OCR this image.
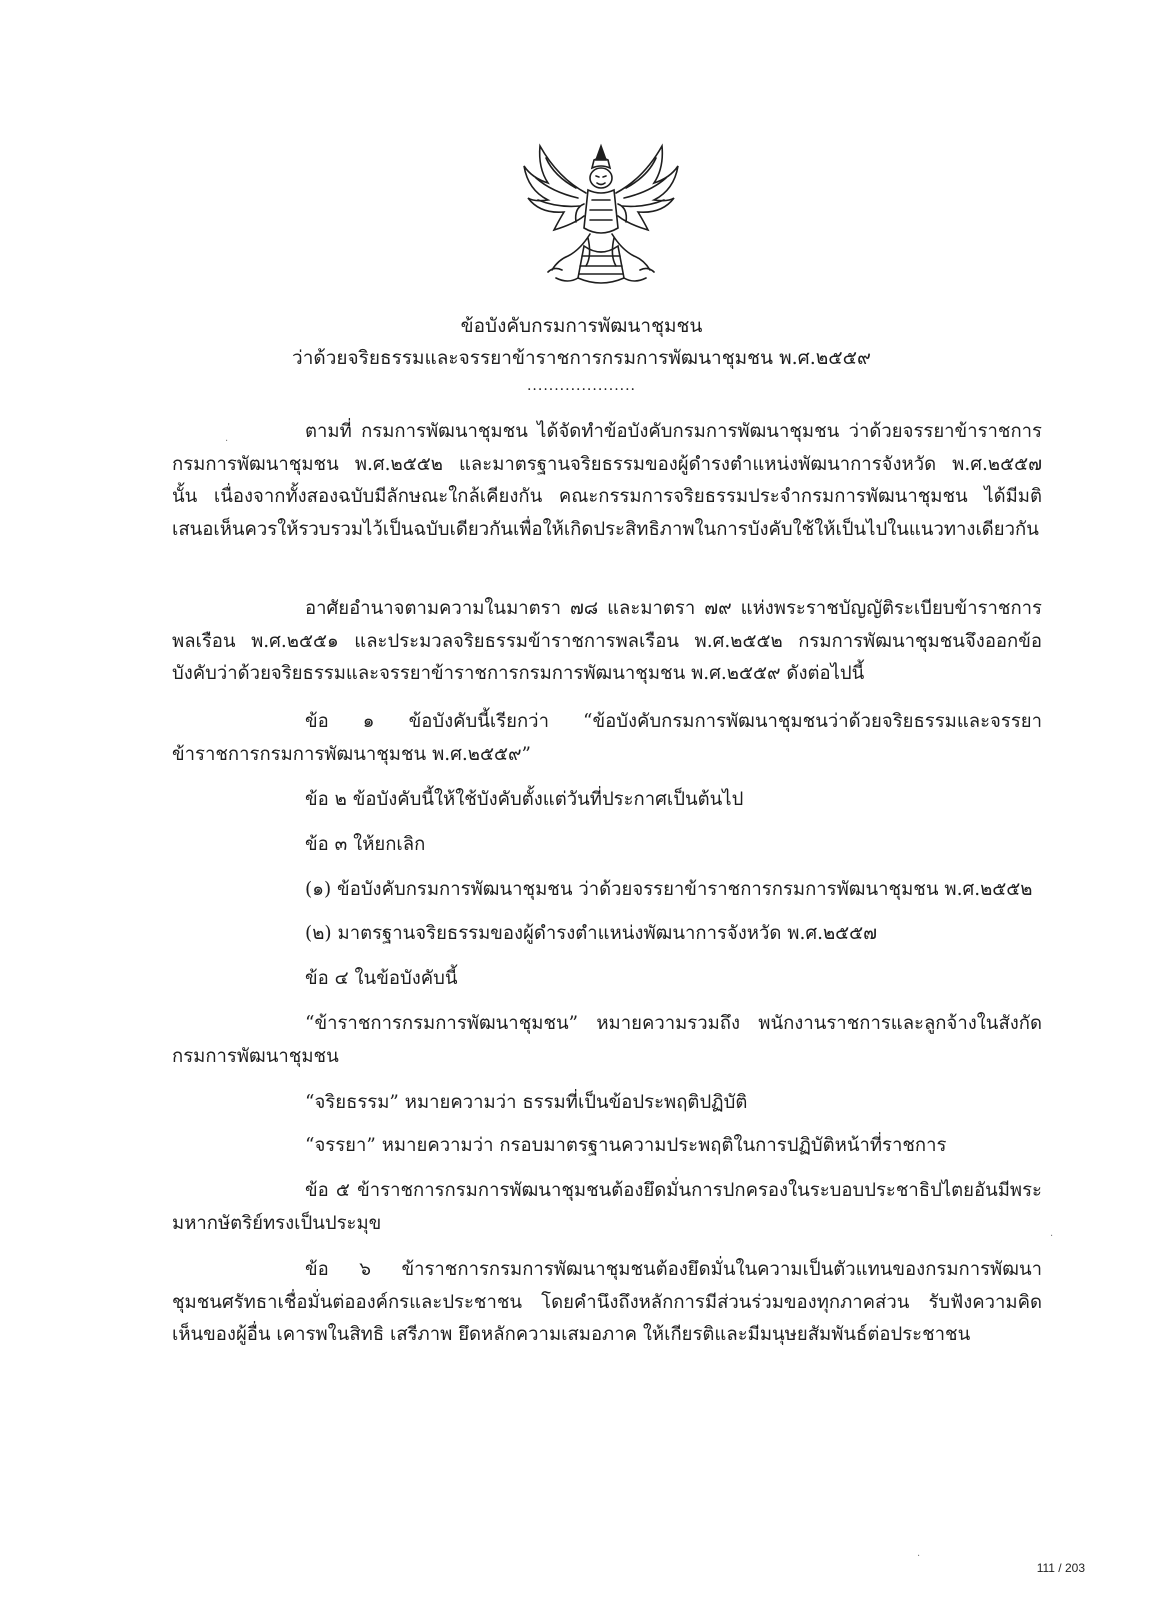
ข้อบังคับกรมการพัฒนาชุมชน
ว่าด้วยจริยธรรมและจรรยาข้าราชการกรมการพัฒนาชุมชน พ.ศ.๒๕๕๙
....................

ตามที่ กรมการพัฒนาชุมชน ได้จัดทำข้อบังคับกรมการพัฒนาชุมชน ว่าด้วยจรรยาข้าราชการกรมการพัฒนาชุมชน พ.ศ.๒๕๕๒ และมาตรฐานจริยธรรมของผู้ดำรงตำแหน่งพัฒนาการจังหวัด พ.ศ.๒๕๕๗ นั้น เนื่องจากทั้งสองฉบับมีลักษณะใกล้เคียงกัน คณะกรรมการจริยธรรมประจำกรมการพัฒนาชุมชน ได้มีมติเสนอเห็นควรให้รวบรวมไว้เป็นฉบับเดียวกันเพื่อให้เกิดประสิทธิภาพในการบังคับใช้ให้เป็นไปในแนวทางเดียวกัน

อาศัยอำนาจตามความในมาตรา ๗๘ และมาตรา ๗๙ แห่งพระราชบัญญัติระเบียบข้าราชการพลเรือน พ.ศ.๒๕๕๑ และประมวลจริยธรรมข้าราชการพลเรือน พ.ศ.๒๕๕๒ กรมการพัฒนาชุมชนจึงออกข้อบังคับว่าด้วยจริยธรรมและจรรยาข้าราชการกรมการพัฒนาชุมชน พ.ศ.๒๕๕๙ ดังต่อไปนี้

ข้อ ๑ ข้อบังคับนี้เรียกว่า “ข้อบังคับกรมการพัฒนาชุมชนว่าด้วยจริยธรรมและจรรยาข้าราชการกรมการพัฒนาชุมชน พ.ศ.๒๕๕๙”

ข้อ ๒ ข้อบังคับนี้ให้ใช้บังคับตั้งแต่วันที่ประกาศเป็นต้นไป

ข้อ ๓ ให้ยกเลิก

(๑) ข้อบังคับกรมการพัฒนาชุมชน ว่าด้วยจรรยาข้าราชการกรมการพัฒนาชุมชน พ.ศ.๒๕๕๒

(๒) มาตรฐานจริยธรรมของผู้ดำรงตำแหน่งพัฒนาการจังหวัด พ.ศ.๒๕๕๗

ข้อ ๔ ในข้อบังคับนี้

“ข้าราชการกรมการพัฒนาชุมชน” หมายความรวมถึง พนักงานราชการและลูกจ้างในสังกัดกรมการพัฒนาชุมชน

“จริยธรรม” หมายความว่า ธรรมที่เป็นข้อประพฤติปฏิบัติ

“จรรยา” หมายความว่า กรอบมาตรฐานความประพฤติในการปฏิบัติหน้าที่ราชการ

ข้อ ๕ ข้าราชการกรมการพัฒนาชุมชนต้องยึดมั่นการปกครองในระบอบประชาธิปไตยอันมีพระมหากษัตริย์ทรงเป็นประมุข

ข้อ ๖ ข้าราชการกรมการพัฒนาชุมชนต้องยึดมั่นในความเป็นตัวแทนของกรมการพัฒนาชุมชนศรัทธาเชื่อมั่นต่อองค์กรและประชาชน โดยคำนึงถึงหลักการมีส่วนร่วมของทุกภาคส่วน รับฟังความคิดเห็นของผู้อื่น เคารพในสิทธิ เสรีภาพ ยึดหลักความเสมอภาค ให้เกียรติและมีมนุษยสัมพันธ์ต่อประชาชน

111 / 203
.
.
.
